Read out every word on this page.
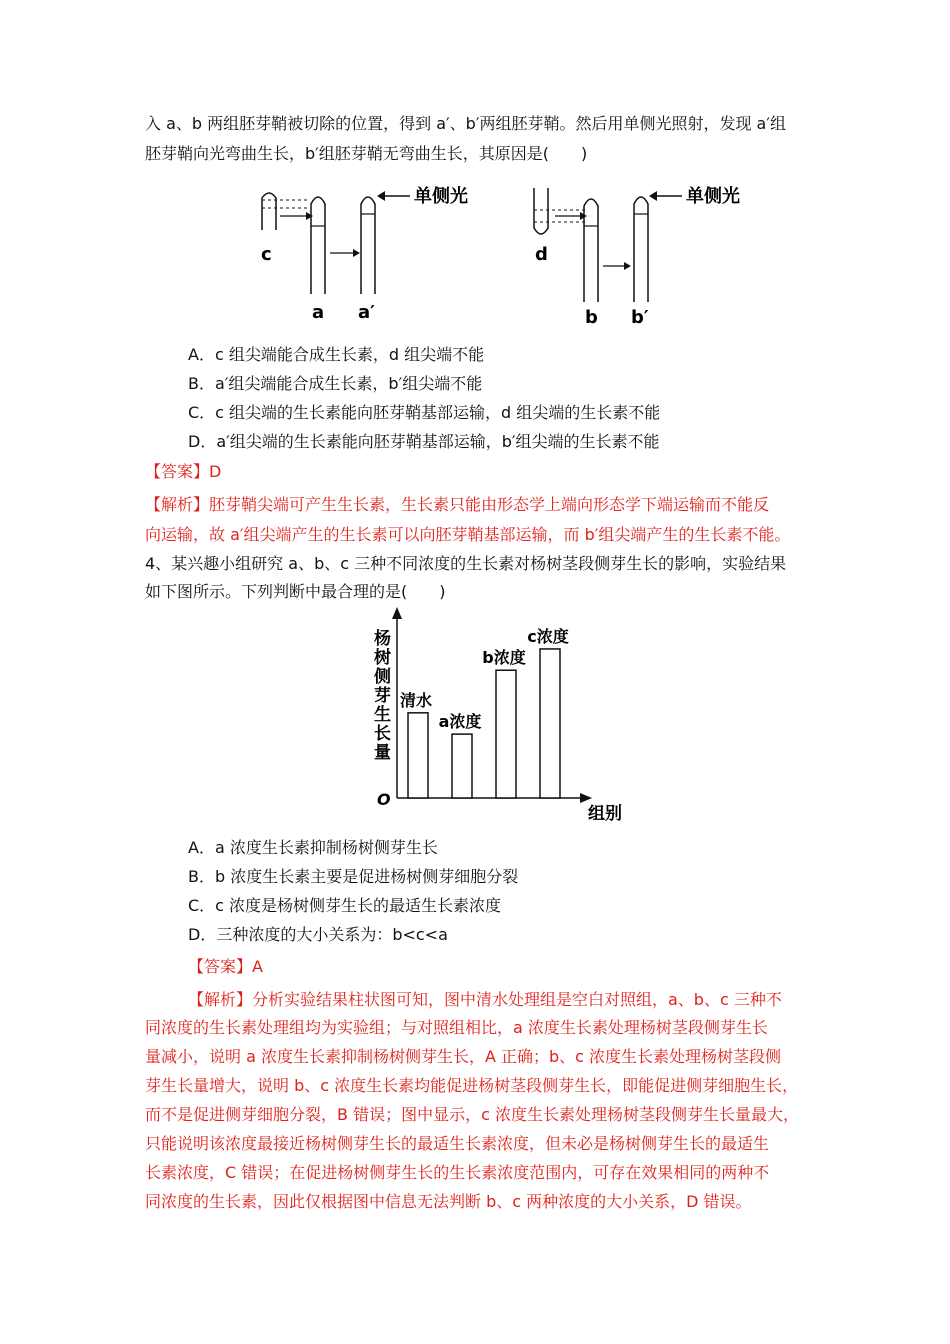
入 a、b 两组胚芽鞘被切除的位置，得到 a′、b′两组胚芽鞘。然后用单侧光照射，发现 a′组
胚芽鞘向光弯曲生长，b′组胚芽鞘无弯曲生长，其原因是(　　)
单侧光
c
a a′
单侧光
d
b b′
A．c 组尖端能合成生长素，d 组尖端不能
B．a′组尖端能合成生长素，b′组尖端不能
C．c 组尖端的生长素能向胚芽鞘基部运输，d 组尖端的生长素不能
D．a′组尖端的生长素能向胚芽鞘基部运输，b′组尖端的生长素不能
【答案】D
【解析】胚芽鞘尖端可产生生长素，生长素只能由形态学上端向形态学下端运输而不能反
向运输，故 a′组尖端产生的生长素可以向胚芽鞘基部运输，而 b′组尖端产生的生长素不能。
4、某兴趣小组研究 a、b、c 三种不同浓度的生长素对杨树茎段侧芽生长的影响，实验结果
如下图所示。下列判断中最合理的是(　　)
杨树侧芽生长量
O
组别
清水
a浓度
b浓度
c浓度
A．a 浓度生长素抑制杨树侧芽生长
B．b 浓度生长素主要是促进杨树侧芽细胞分裂
C．c 浓度是杨树侧芽生长的最适生长素浓度
D．三种浓度的大小关系为：b<c<a
【答案】A
【解析】分析实验结果柱状图可知，图中清水处理组是空白对照组，a、b、c 三种不
同浓度的生长素处理组均为实验组；与对照组相比，a 浓度生长素处理杨树茎段侧芽生长
量减小，说明 a 浓度生长素抑制杨树侧芽生长，A 正确；b、c 浓度生长素处理杨树茎段侧
芽生长量增大，说明 b、c 浓度生长素均能促进杨树茎段侧芽生长，即能促进侧芽细胞生长，
而不是促进侧芽细胞分裂，B 错误；图中显示，c 浓度生长素处理杨树茎段侧芽生长量最大，
只能说明该浓度最接近杨树侧芽生长的最适生长素浓度，但未必是杨树侧芽生长的最适生
长素浓度，C 错误；在促进杨树侧芽生长的生长素浓度范围内，可存在效果相同的两种不
同浓度的生长素，因此仅根据图中信息无法判断 b、c 两种浓度的大小关系，D 错误。
